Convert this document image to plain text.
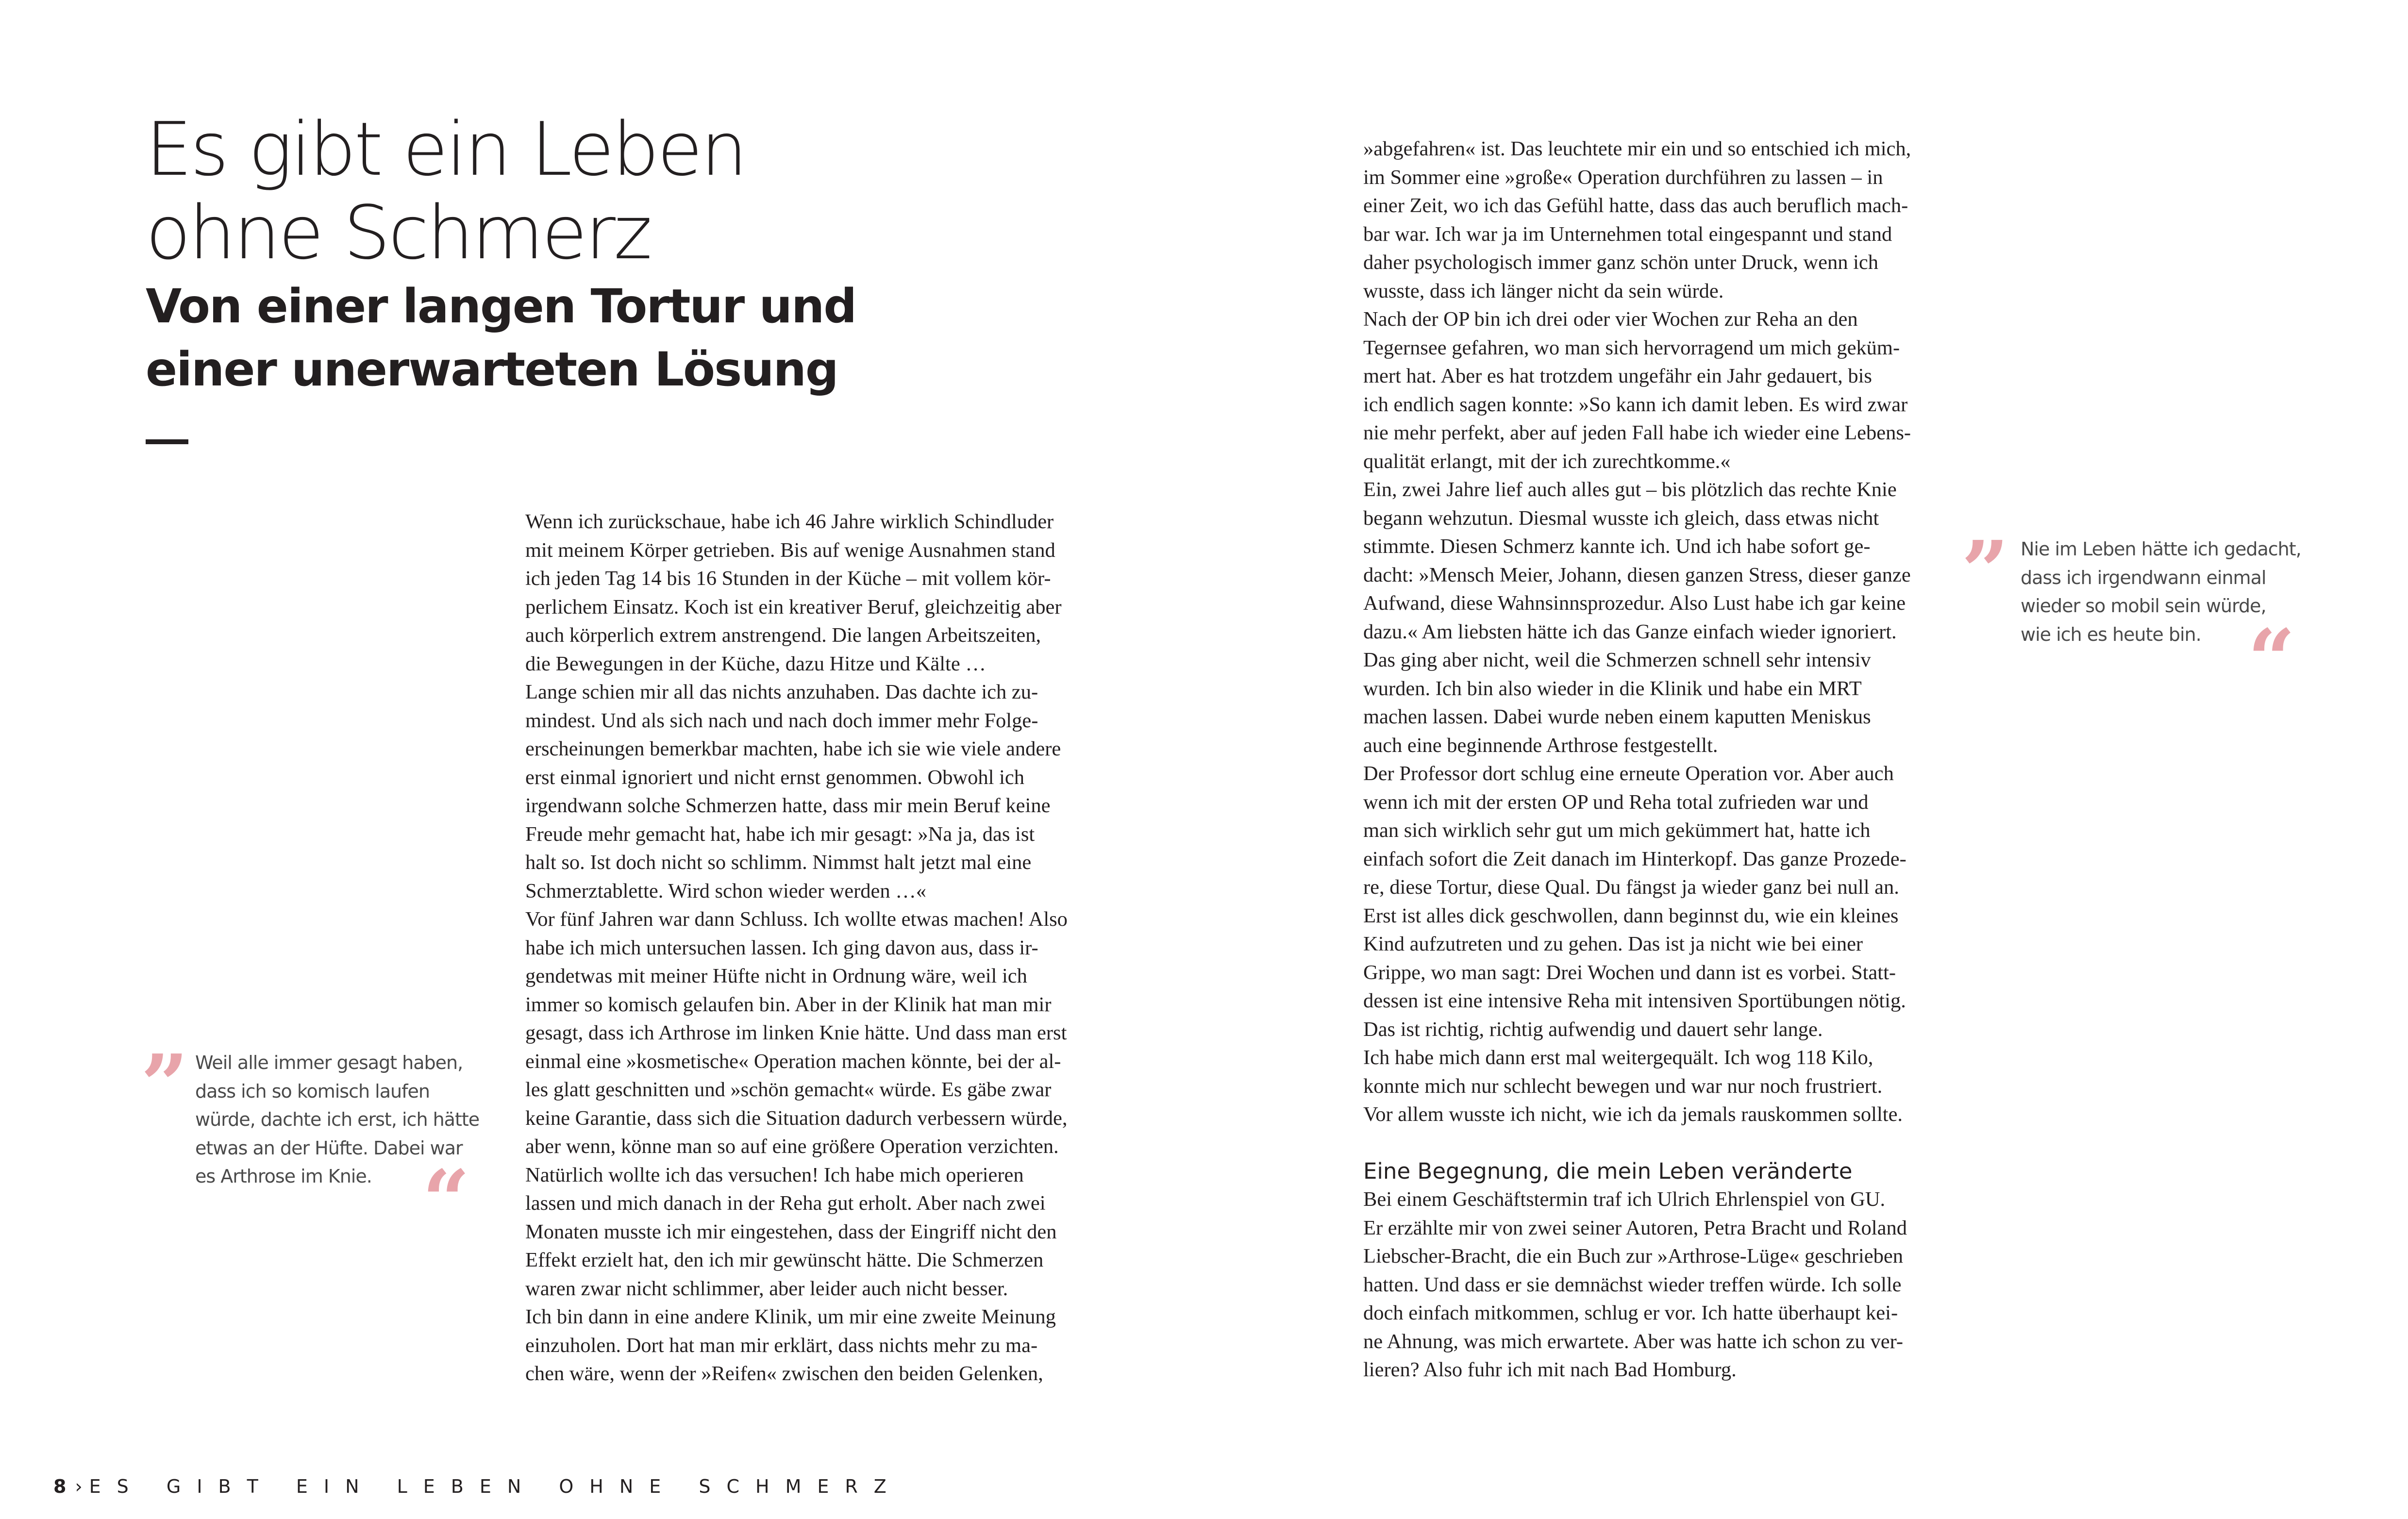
Es gibt ein Leben
ohne Schmerz
Von einer langen Tortur und
einer unerwarteten Lösung
Wenn ich zurückschaue, habe ich 46 Jahre wirklich Schindluder
mit meinem Körper getrieben. Bis auf wenige Ausnahmen stand
ich jeden Tag 14 bis 16 Stunden in der Küche – mit vollem kör-
perlichem Einsatz. Koch ist ein kreativer Beruf, gleichzeitig aber
auch körperlich extrem anstrengend. Die langen Arbeitszeiten,
die Bewegungen in der Küche, dazu Hitze und Kälte …
Lange schien mir all das nichts anzuhaben. Das dachte ich zu-
mindest. Und als sich nach und nach doch immer mehr Folge-
erscheinungen bemerkbar machten, habe ich sie wie viele andere
erst einmal ignoriert und nicht ernst genommen. Obwohl ich
irgendwann solche Schmerzen hatte, dass mir mein Beruf keine
Freude mehr gemacht hat, habe ich mir gesagt: »Na ja, das ist
halt so. Ist doch nicht so schlimm. Nimmst halt jetzt mal eine
Schmerztablette. Wird schon wieder werden …«
Vor fünf Jahren war dann Schluss. Ich wollte etwas machen! Also
habe ich mich untersuchen lassen. Ich ging davon aus, dass ir-
gendetwas mit meiner Hüfte nicht in Ordnung wäre, weil ich
immer so komisch gelaufen bin. Aber in der Klinik hat man mir
gesagt, dass ich Arthrose im linken Knie hätte. Und dass man erst
einmal eine »kosmetische« Operation machen könnte, bei der al-
les glatt geschnitten und »schön gemacht« würde. Es gäbe zwar
keine Garantie, dass sich die Situation dadurch verbessern würde,
aber wenn, könne man so auf eine größere Operation verzichten.
Natürlich wollte ich das versuchen! Ich habe mich operieren
lassen und mich danach in der Reha gut erholt. Aber nach zwei
Monaten musste ich mir eingestehen, dass der Eingriff nicht den
Effekt erzielt hat, den ich mir gewünscht hätte. Die Schmerzen
waren zwar nicht schlimmer, aber leider auch nicht besser.
Ich bin dann in eine andere Klinik, um mir eine zweite Meinung
einzuholen. Dort hat man mir erklärt, dass nichts mehr zu ma-
chen wäre, wenn der »Reifen« zwischen den beiden Gelenken,
»abgefahren« ist. Das leuchtete mir ein und so entschied ich mich,
im Sommer eine »große« Operation durchführen zu lassen – in
einer Zeit, wo ich das Gefühl hatte, dass das auch beruflich mach-
bar war. Ich war ja im Unternehmen total eingespannt und stand
daher psychologisch immer ganz schön unter Druck, wenn ich
wusste, dass ich länger nicht da sein würde.
Nach der OP bin ich drei oder vier Wochen zur Reha an den
Tegernsee gefahren, wo man sich hervorragend um mich geküm-
mert hat. Aber es hat trotzdem ungefähr ein Jahr gedauert, bis
ich endlich sagen konnte: »So kann ich damit leben. Es wird zwar
nie mehr perfekt, aber auf jeden Fall habe ich wieder eine Lebens-
qualität erlangt, mit der ich zurechtkomme.«
Ein, zwei Jahre lief auch alles gut – bis plötzlich das rechte Knie
begann wehzutun. Diesmal wusste ich gleich, dass etwas nicht
stimmte. Diesen Schmerz kannte ich. Und ich habe sofort ge-
dacht: »Mensch Meier, Johann, diesen ganzen Stress, dieser ganze
Aufwand, diese Wahnsinnsprozedur. Also Lust habe ich gar keine
dazu.« Am liebsten hätte ich das Ganze einfach wieder ignoriert.
Das ging aber nicht, weil die Schmerzen schnell sehr intensiv
wurden. Ich bin also wieder in die Klinik und habe ein MRT
machen lassen. Dabei wurde neben einem kaputten Meniskus
auch eine beginnende Arthrose festgestellt.
Der Professor dort schlug eine erneute Operation vor. Aber auch
wenn ich mit der ersten OP und Reha total zufrieden war und
man sich wirklich sehr gut um mich gekümmert hat, hatte ich
einfach sofort die Zeit danach im Hinterkopf. Das ganze Prozede-
re, diese Tortur, diese Qual. Du fängst ja wieder ganz bei null an.
Erst ist alles dick geschwollen, dann beginnst du, wie ein kleines
Kind aufzutreten und zu gehen. Das ist ja nicht wie bei einer
Grippe, wo man sagt: Drei Wochen und dann ist es vorbei. Statt-
dessen ist eine intensive Reha mit intensiven Sportübungen nötig.
Das ist richtig, richtig aufwendig und dauert sehr lange.
Ich habe mich dann erst mal weitergequält. Ich wog 118 Kilo,
konnte mich nur schlecht bewegen und war nur noch frustriert.
Vor allem wusste ich nicht, wie ich da jemals rauskommen sollte.
Eine Begegnung, die mein Leben veränderte
Bei einem Geschäftstermin traf ich Ulrich Ehrlenspiel von GU.
Er erzählte mir von zwei seiner Autoren, Petra Bracht und Roland
Liebscher-Bracht, die ein Buch zur »Arthrose-Lüge« geschrieben
hatten. Und dass er sie demnächst wieder treffen würde. Ich solle
doch einfach mitkommen, schlug er vor. Ich hatte überhaupt kei-
ne Ahnung, was mich erwartete. Aber was hatte ich schon zu ver-
lieren? Also fuhr ich mit nach Bad Homburg.
” Weil alle immer gesagt haben,
dass ich so komisch laufen
würde, dachte ich erst, ich hätte
etwas an der Hüfte. Dabei war
es Arthrose im Knie. “
” Nie im Leben hätte ich gedacht,
dass ich irgendwann einmal
wieder so mobil sein würde,
wie ich es heute bin. “
8 › ES GIBT EIN LEBEN OHNE SCHMERZ
